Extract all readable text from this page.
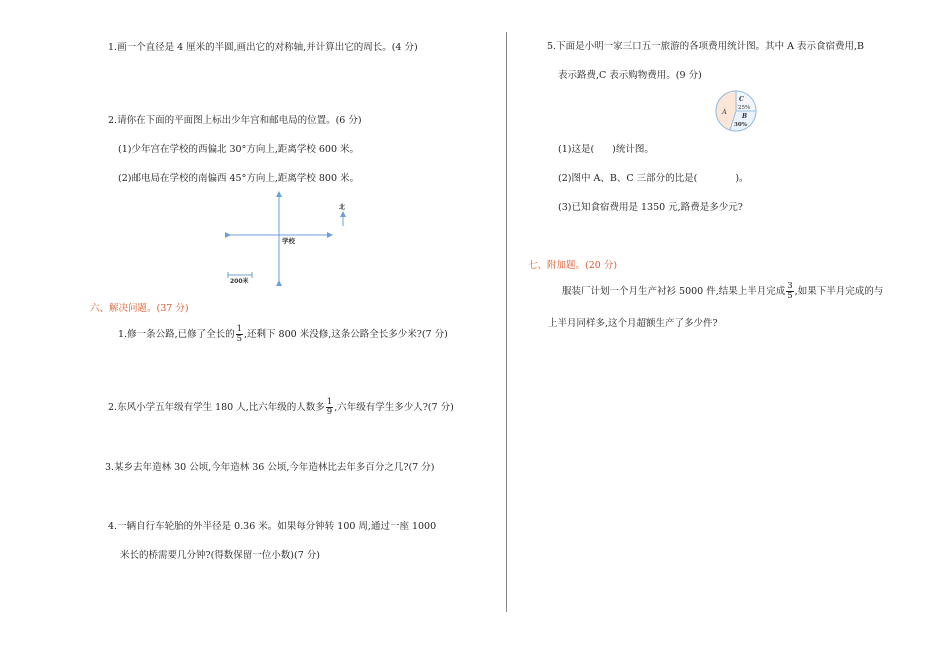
1.画一个直径是 4 厘米的半圆,画出它的对称轴,并计算出它的周长。(4 分)
2.请你在下面的平面图上标出少年宫和邮电局的位置。(6 分)
(1)少年宫在学校的西偏北 30°方向上,距离学校 600 米。
(2)邮电局在学校的南偏西 45°方向上,距离学校 800 米。
北
学校
200米
六、解决问题。(37 分)
1.修一条公路,已修了全长的 $\frac{1}{5}$ ,还剩下 800 米没修,这条公路全长多少米?(7 分)
2.东风小学五年级有学生 180 人,比六年级的人数多 $\frac{1}{9}$ ,六年级有学生多少人?(7 分)
3.某乡去年造林 30 公顷,今年造林 36 公顷,今年造林比去年多百分之几?(7 分)
4.一辆自行车轮胎的外半径是 0.36 米。如果每分钟转 100 周,通过一座 1000
米长的桥需要几分钟?(得数保留一位小数)(7 分)
5.下面是小明一家三口五一旅游的各项费用统计图。其中 A 表示食宿费用,B
表示路费,C 表示购物费用。(9 分)
A
C
25%
B
30%
(1)这是( )统计图。
(2)图中 A、B、C 三部分的比是(	)。
(3)已知食宿费用是 1350 元,路费是多少元?
七、附加题。(20 分)
服装厂计划一个月生产衬衫 5000 件,结果上半月完成 $\frac{3}{5}$ ,如果下半月完成的与
上半月同样多,这个月超额生产了多少件?
